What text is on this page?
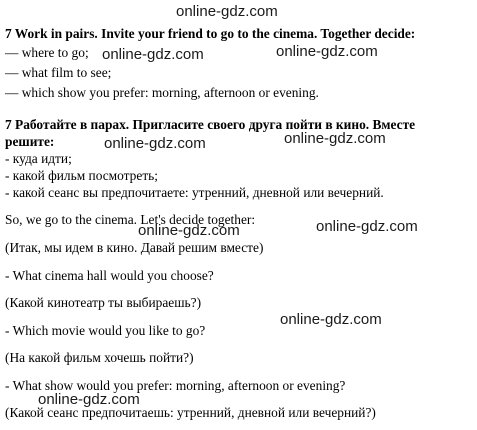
online-gdz.com
online-gdz.com	online-gdz.com
online-gdz.com	online-gdz.com
online-gdz.com	online-gdz.com
online-gdz.com
online-gdz.com
7 Work in pairs. Invite your friend to go to the cinema. Together decide:
— where to go;
— what film to see;
— which show you prefer: morning, afternoon or evening.
7 Работайте в парах. Пригласите своего друга пойти в кино. Вместе
решите:
- куда идти;
- какой фильм посмотреть;
- какой сеанс вы предпочитаете: утренний, дневной или вечерний.
So, we go to the cinema. Let's decide together:
(Итак, мы идем в кино. Давай решим вместе)
- What cinema hall would you choose?
(Какой кинотеатр ты выбираешь?)
- Which movie would you like to go?
(На какой фильм хочешь пойти?)
- What show would you prefer: morning, afternoon or evening?
(Какой сеанс предпочитаешь: утренний, дневной или вечерний?)
